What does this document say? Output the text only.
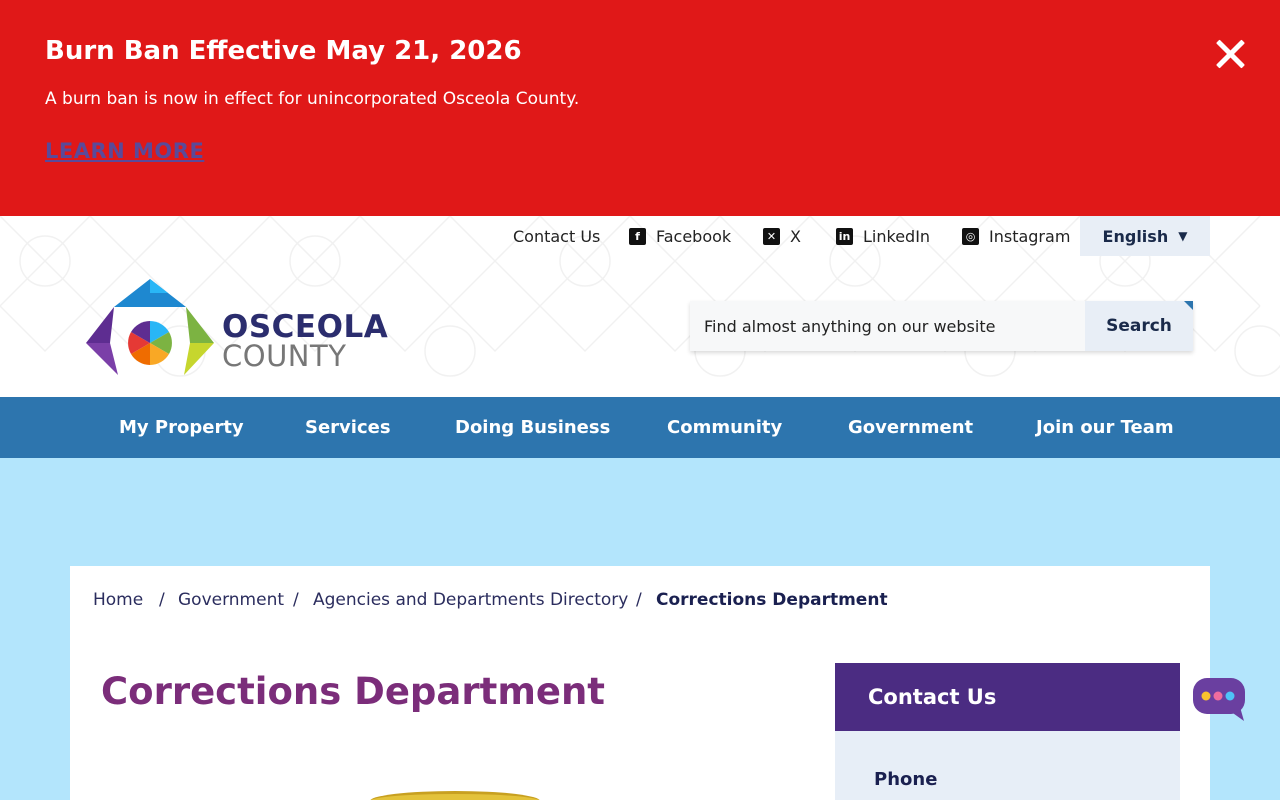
Burn Ban Effective May 21, 2026
A burn ban is now in effect for unincorporated Osceola County.
LEARN MORE
Contact Us	f	Facebook	✕ X	in LinkedIn	◎ Instagram English ▼
OSCEOLA
COUNTY
Find almost anything on our website
Search
My Property	Services	Doing Business	Community	Government	Join our Team
Home / Government / Agencies and Departments Directory / Corrections Department
Corrections Department	Contact Us
Phone
